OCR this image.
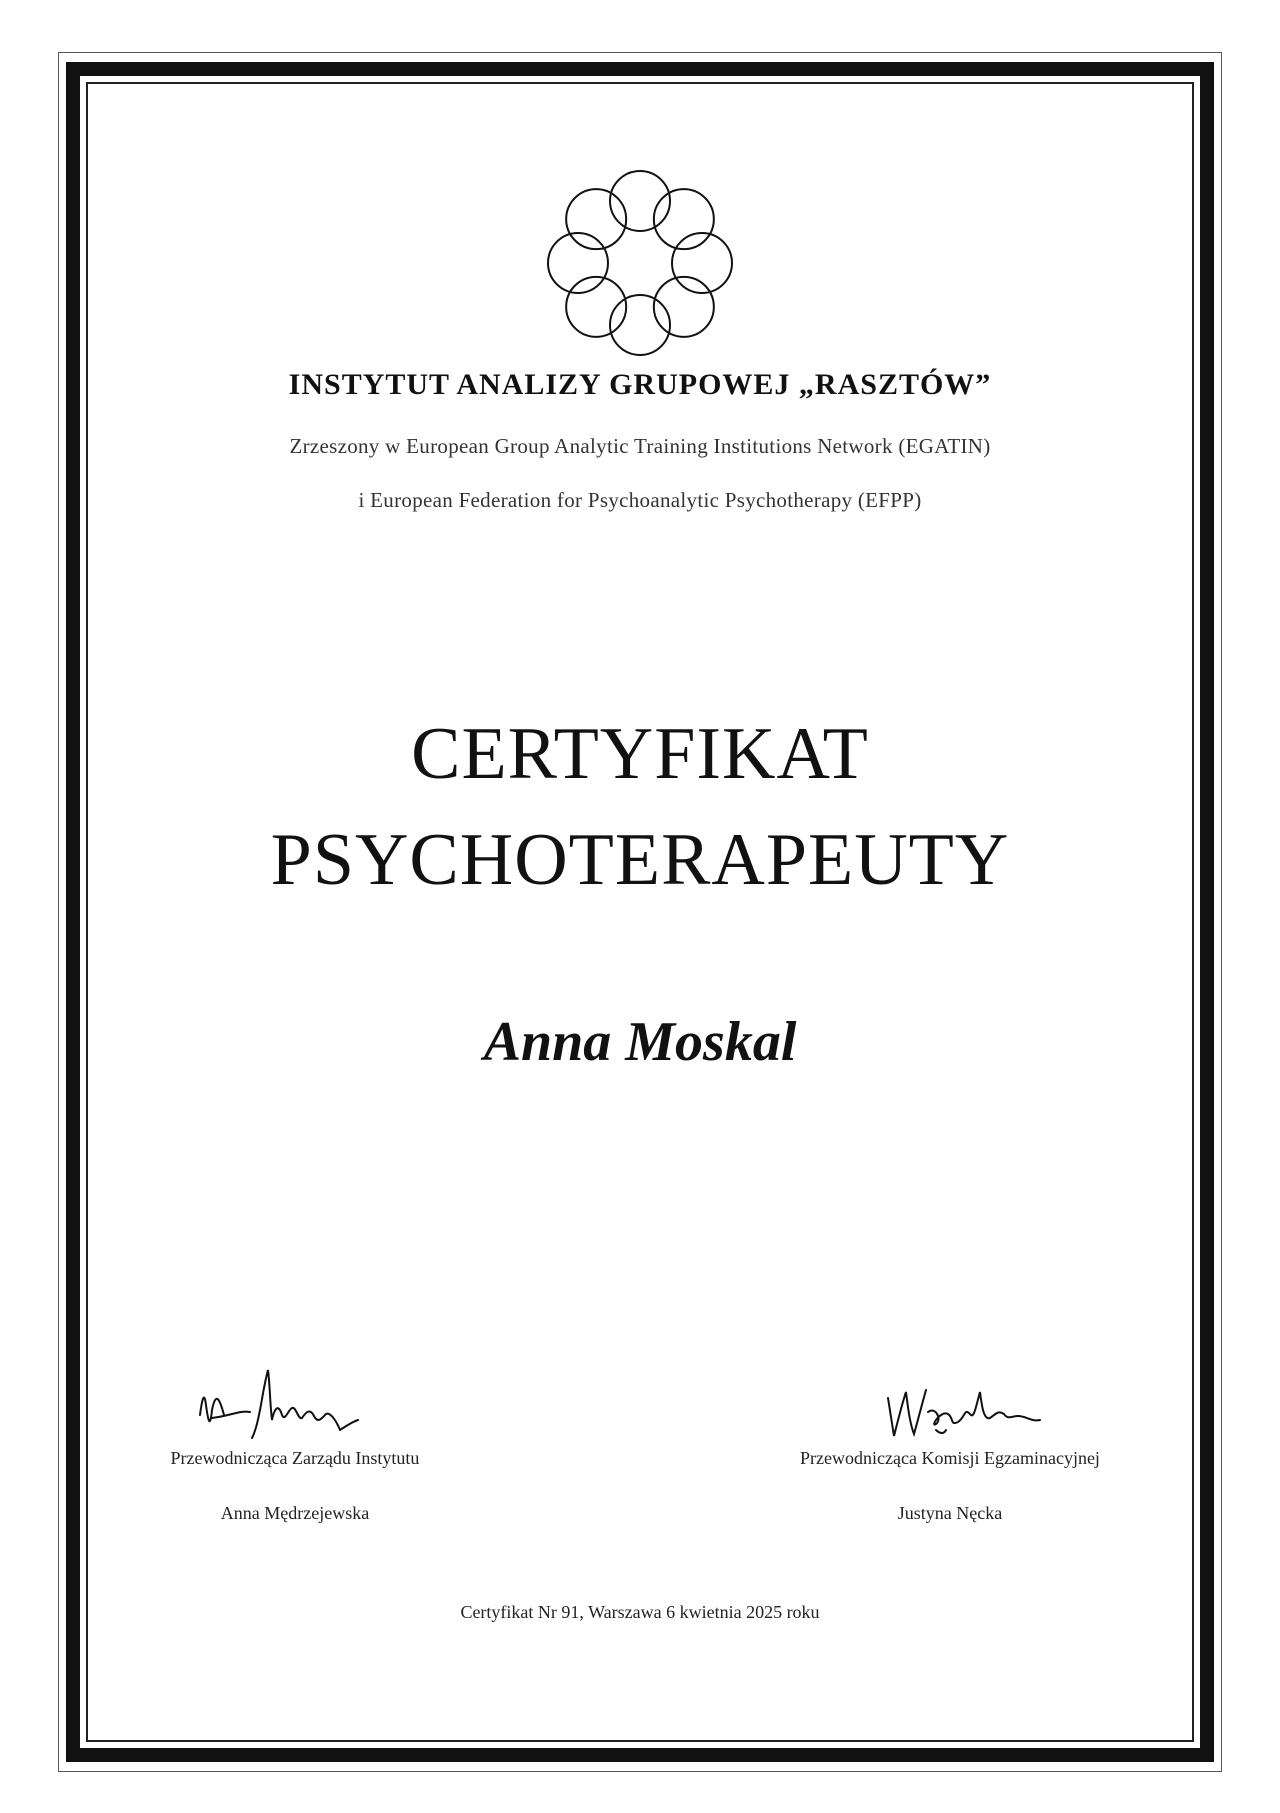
INSTYTUT ANALIZY GRUPOWEJ „RASZTÓW”
Zrzeszony w European Group Analytic Training Institutions Network (EGATIN)
i European Federation for Psychoanalytic Psychotherapy (EFPP)
CERTYFIKAT
PSYCHOTERAPEUTY
Anna Moskal
Przewodnicząca Zarządu Instytutu
Anna Mędrzejewska
Przewodnicząca Komisji Egzaminacyjnej
Justyna Nęcka
Certyfikat Nr 91, Warszawa 6 kwietnia 2025 roku
